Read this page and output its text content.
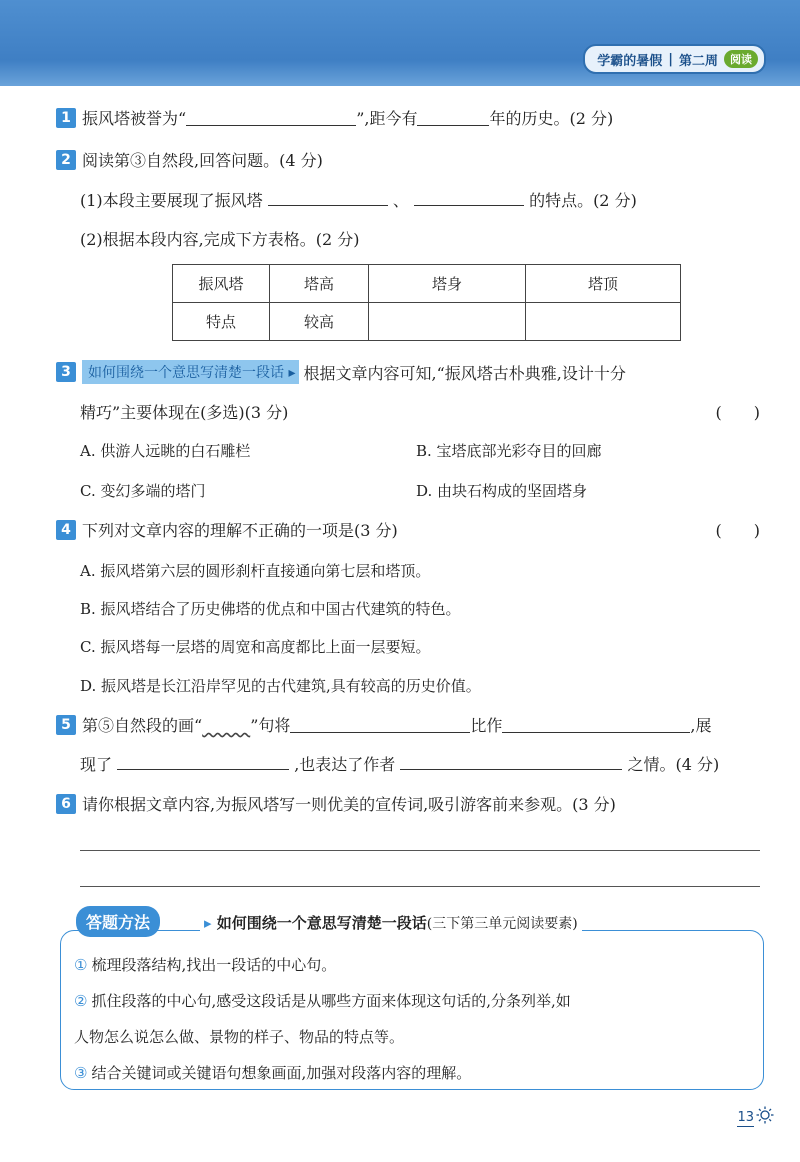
学霸的暑假 | 第二周	阅读
1 振风塔被誉为“	”,距今有	年的历史。(2 分)
2 阅读第③自然段,回答问题。(4 分)
(1)本段主要展现了振风塔	、	的特点。(2 分)
(2)根据本段内容,完成下方表格。(2 分)
振风塔	塔高	塔身	塔顶
特点	较高		
3	如何围绕一个意思写清楚一段话 ▸ 根据文章内容可知,“振风塔古朴典雅,设计十分
精巧”主要体现在(多选)(3 分)	(　　)
A. 供游人远眺的白石雕栏	B. 宝塔底部光彩夺目的回廊
C. 变幻多端的塔门	D. 由块石构成的坚固塔身
4 下列对文章内容的理解不正确的一项是(3 分)	(　　)
A. 振风塔第六层的圆形刹杆直接通向第七层和塔顶。
B. 振风塔结合了历史佛塔的优点和中国古代建筑的特色。
C. 振风塔每一层塔的周宽和高度都比上面一层要短。
D. 振风塔是长江沿岸罕见的古代建筑,具有较高的历史价值。
5 第⑤自然段的画“	”句将	比作	,展
现了	,也表达了作者	之情。(4 分)
6 请你根据文章内容,为振风塔写一则优美的宣传词,吸引游客前来参观。(3 分)
答题方法	▸ 如何围绕一个意思写清楚一段话(三下第三单元阅读要素)
① 梳理段落结构,找出一段话的中心句。
② 抓住段落的中心句,感受这段话是从哪些方面来体现这句话的,分条列举,如
人物怎么说怎么做、景物的样子、物品的特点等。
③ 结合关键词或关键语句想象画面,加强对段落内容的理解。
13
